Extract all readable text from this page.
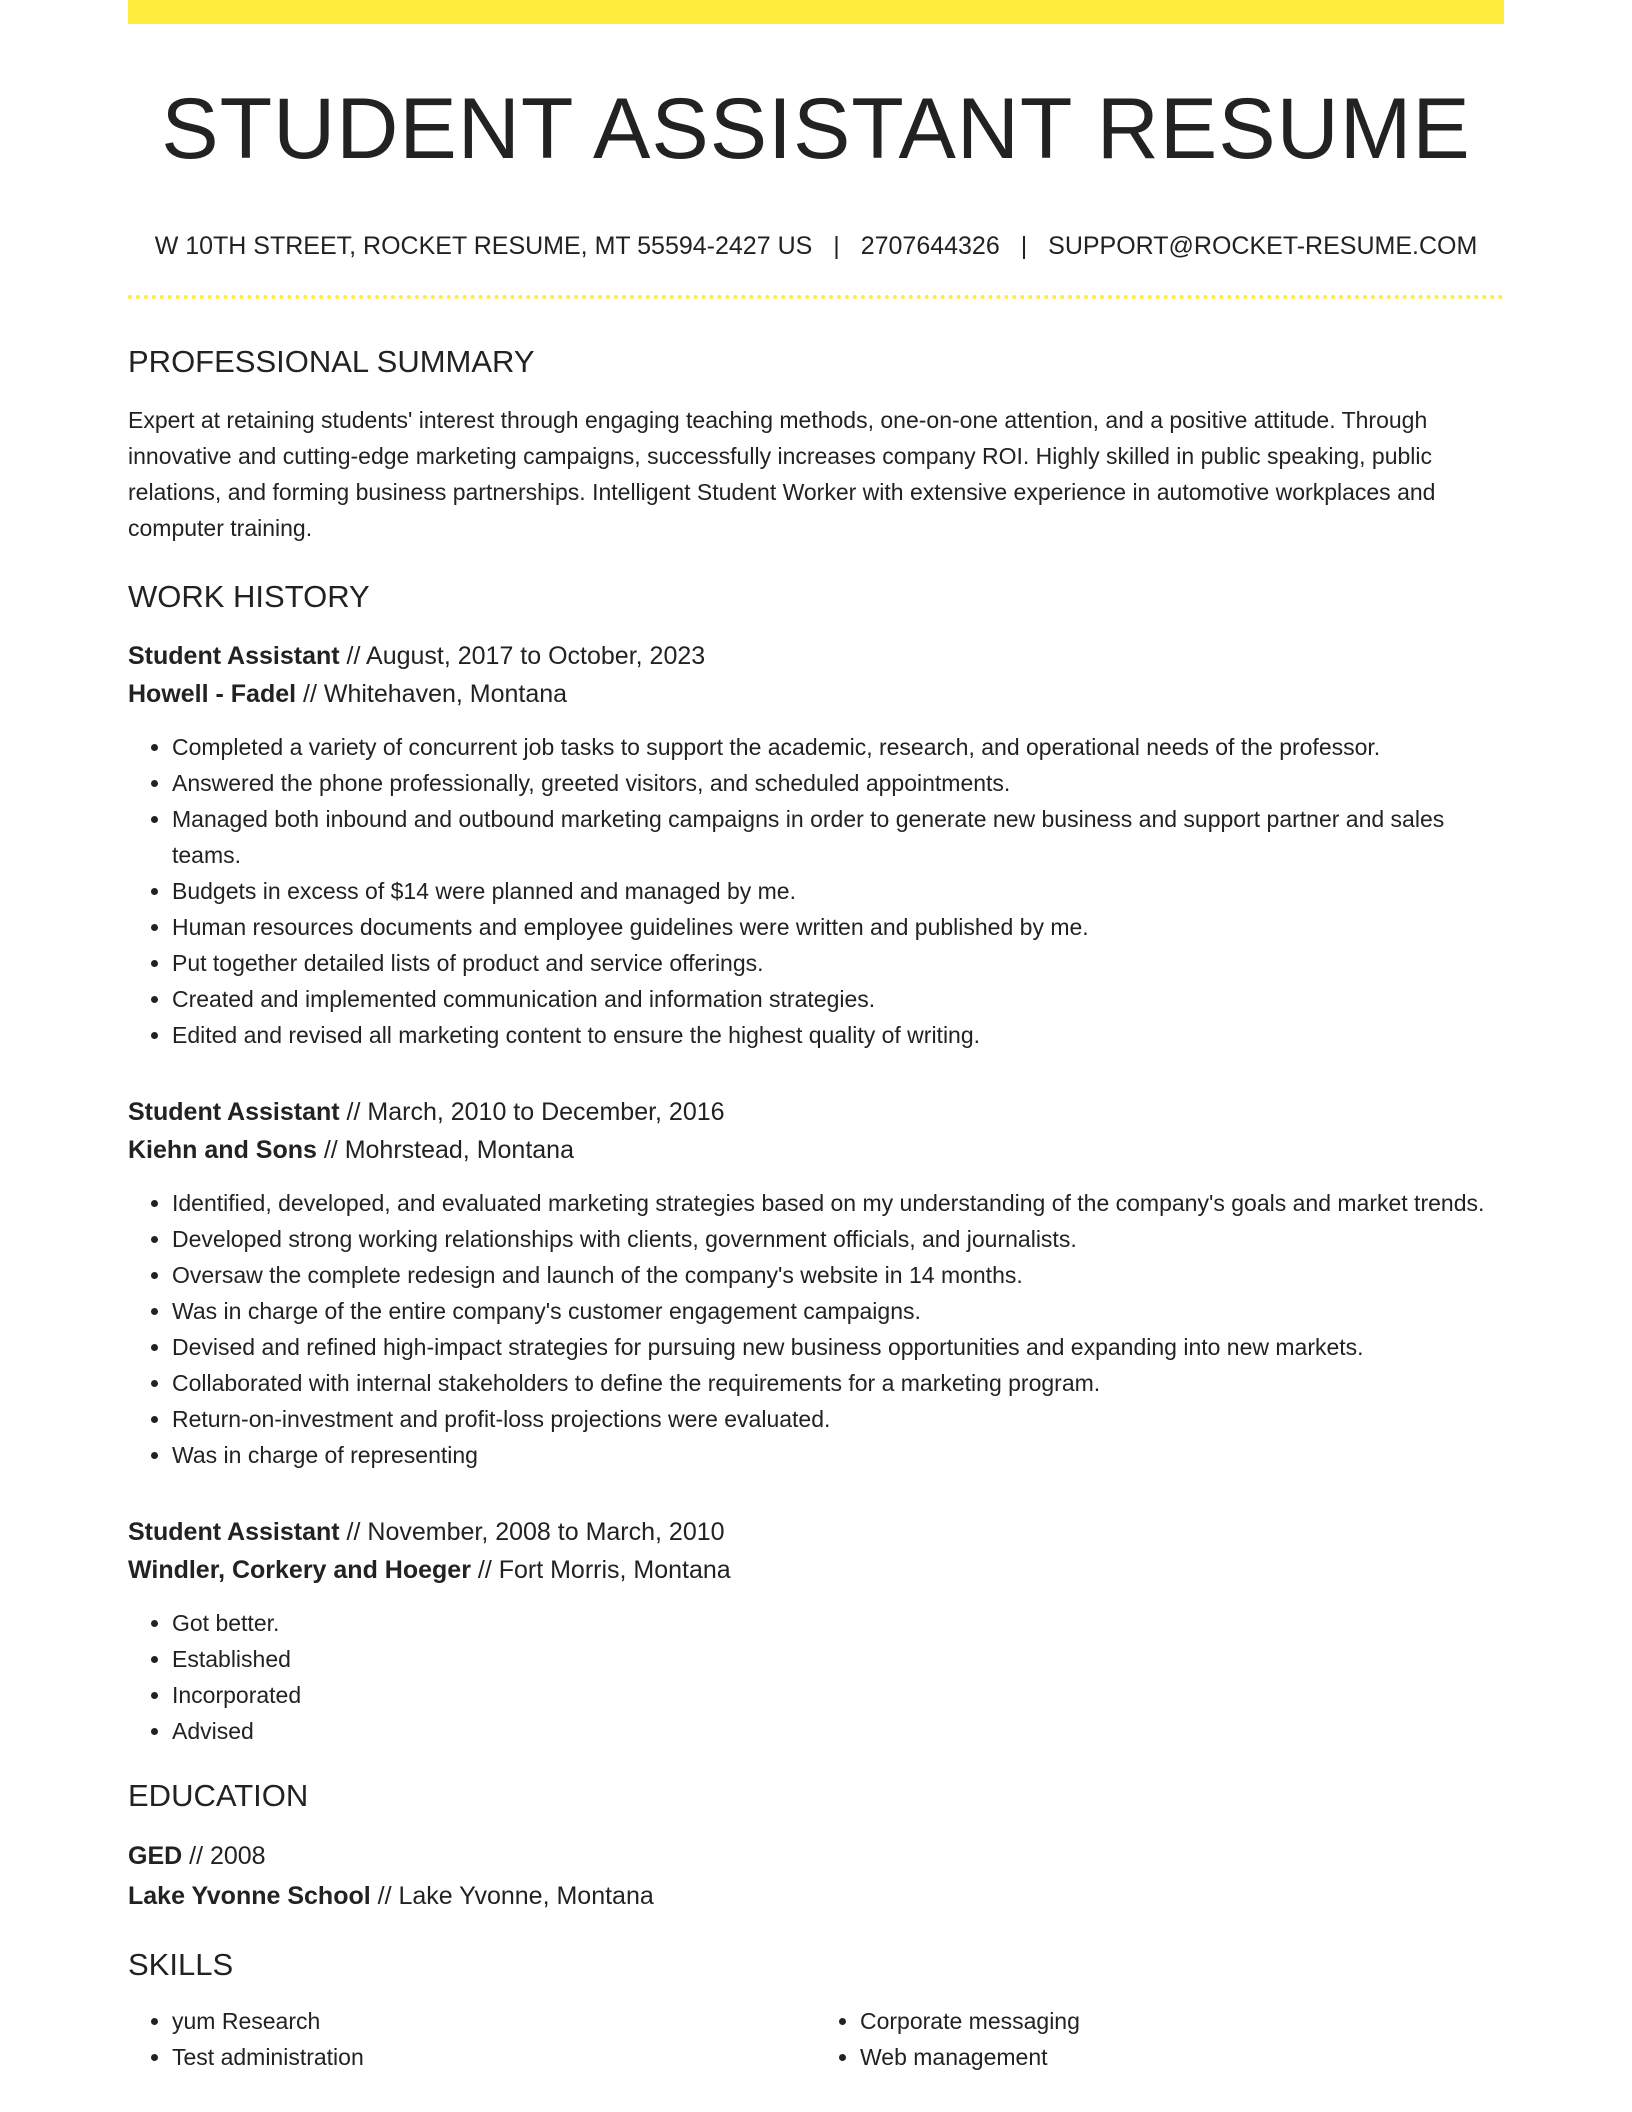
STUDENT ASSISTANT RESUME
W 10TH STREET, ROCKET RESUME, MT 55594-2427 US | 2707644326 | SUPPORT@ROCKET-RESUME.COM
PROFESSIONAL SUMMARY

Expert at retaining students' interest through engaging teaching methods, one-on-one attention, and a positive attitude. Through innovative and cutting-edge marketing campaigns, successfully increases company ROI. Highly skilled in public speaking, public relations, and forming business partnerships. Intelligent Student Worker with extensive experience in automotive workplaces and computer training.

WORK HISTORY
Student Assistant // August, 2017 to October, 2023
Howell - Fadel // Whitehaven, Montana
• Completed a variety of concurrent job tasks to support the academic, research, and operational needs of the professor.
• Answered the phone professionally, greeted visitors, and scheduled appointments.
• Managed both inbound and outbound marketing campaigns in order to generate new business and support partner and sales teams.
• Budgets in excess of $14 were planned and managed by me.
• Human resources documents and employee guidelines were written and published by me.
• Put together detailed lists of product and service offerings.
• Created and implemented communication and information strategies.
• Edited and revised all marketing content to ensure the highest quality of writing.
Student Assistant // March, 2010 to December, 2016
Kiehn and Sons // Mohrstead, Montana
• Identified, developed, and evaluated marketing strategies based on my understanding of the company's goals and market trends.
• Developed strong working relationships with clients, government officials, and journalists.
• Oversaw the complete redesign and launch of the company's website in 14 months.
• Was in charge of the entire company's customer engagement campaigns.
• Devised and refined high-impact strategies for pursuing new business opportunities and expanding into new markets.
• Collaborated with internal stakeholders to define the requirements for a marketing program.
• Return-on-investment and profit-loss projections were evaluated.
• Was in charge of representing
Student Assistant // November, 2008 to March, 2010
Windler, Corkery and Hoeger // Fort Morris, Montana
• Got better.
• Established
• Incorporated
• Advised
EDUCATION
GED // 2008
Lake Yvonne School // Lake Yvonne, Montana
SKILLS
• yum Research
• Test administration
• Corporate messaging
• Web management
